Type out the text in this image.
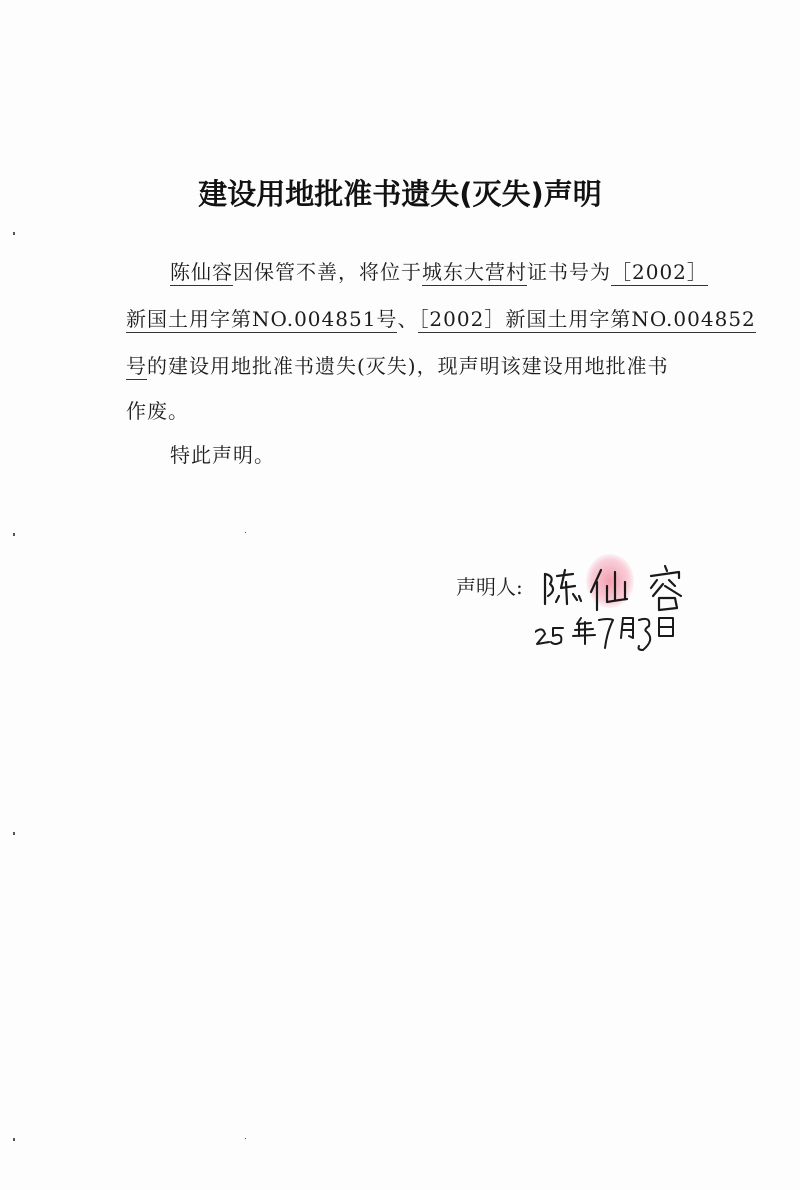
建设用地批准书遗失(灭失)声明
陈仙容因保管不善，将位于城东大营村证书号为［2002］
新国土用字第NO.004851号、［2002］新国土用字第NO.004852
号的建设用地批准书遗失(灭失)，现声明该建设用地批准书
作废。
特此声明。
声明人:
